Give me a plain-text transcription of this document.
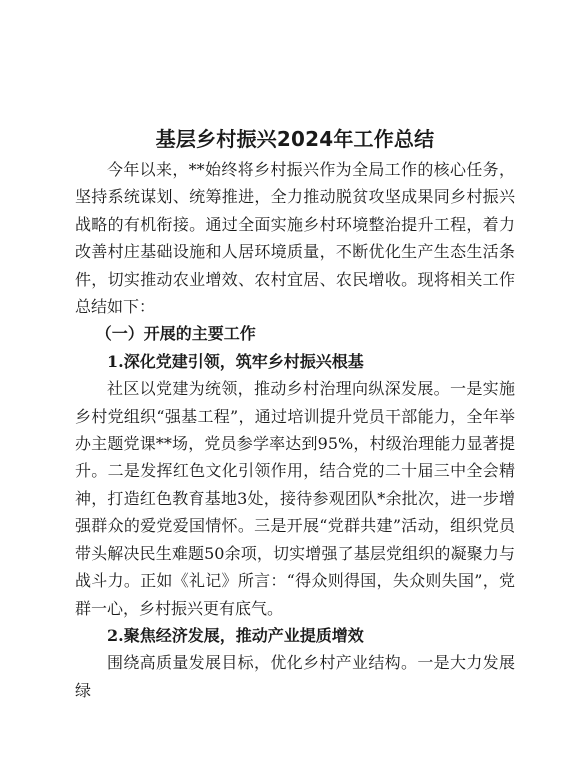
基层乡村振兴2024年工作总结

今年以来，**始终将乡村振兴作为全局工作的核心任务，坚持系统谋划、统筹推进，全力推动脱贫攻坚成果同乡村振兴战略的有机衔接。通过全面实施乡村环境整治提升工程，着力改善村庄基础设施和人居环境质量，不断优化生产生态生活条件，切实推动农业增效、农村宜居、农民增收。现将相关工作总结如下：

（一）开展的主要工作

1.深化党建引领，筑牢乡村振兴根基

社区以党建为统领，推动乡村治理向纵深发展。一是实施乡村党组织“强基工程”，通过培训提升党员干部能力，全年举办主题党课**场，党员参学率达到95%，村级治理能力显著提升。二是发挥红色文化引领作用，结合党的二十届三中全会精神，打造红色教育基地3处，接待参观团队*余批次，进一步增强群众的爱党爱国情怀。三是开展“党群共建”活动，组织党员带头解决民生难题50余项，切实增强了基层党组织的凝聚力与战斗力。正如《礼记》所言：“得众则得国，失众则失国”，党群一心，乡村振兴更有底气。

2.聚焦经济发展，推动产业提质增效

围绕高质量发展目标，优化乡村产业结构。一是大力发展绿
